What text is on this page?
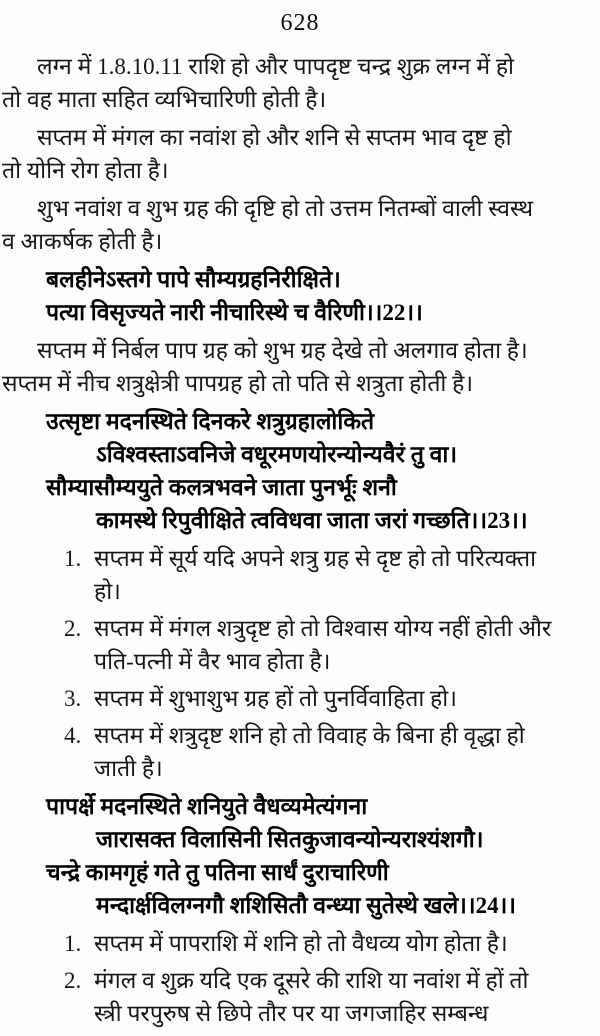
628
लग्न में 1.8.10.11 राशि हो और पापदृष्ट चन्द्र शुक्र लग्न में हो
तो वह माता सहित व्यभिचारिणी होती है।
सप्तम में मंगल का नवांश हो और शनि से सप्तम भाव दृष्ट हो
तो योनि रोग होता है।
शुभ नवांश व शुभ ग्रह की दृष्टि हो तो उत्तम नितम्बों वाली स्वस्थ
व आकर्षक होती है।
बलहीनेऽस्तगे पापे सौम्यग्रहनिरीक्षिते।
पत्या विसृज्यते नारी नीचारिस्थे च वैरिणी।।22।।
सप्तम में निर्बल पाप ग्रह को शुभ ग्रह देखे तो अलगाव होता है।
सप्तम में नीच शत्रुक्षेत्री पापग्रह हो तो पति से शत्रुता होती है।
उत्सृष्टा मदनस्थिते दिनकरे शत्रुग्रहालोकिते
ऽविश्वस्ताऽवनिजे वधूरमणयोरन्योन्यवैरं तु वा।
सौम्यासौम्ययुते कलत्रभवने जाता पुनर्भूः शनौ
कामस्थे रिपुवीक्षिते त्वविधवा जाता जरां गच्छति।।23।।
1. सप्तम में सूर्य यदि अपने शत्रु ग्रह से दृष्ट हो तो परित्यक्ता
हो।
2. सप्तम में मंगल शत्रुदृष्ट हो तो विश्वास योग्य नहीं होती और
पति-पत्नी में वैर भाव होता है।
3. सप्तम में शुभाशुभ ग्रह हों तो पुनर्विवाहिता हो।
4. सप्तम में शत्रुदृष्ट शनि हो तो विवाह के बिना ही वृद्धा हो
जाती है।
पापर्क्षे मदनस्थिते शनियुते वैधव्यमेत्यंगना
जारासक्त विलासिनी सितकुजावन्योन्यराश्यंशगौ।
चन्द्रे कामगृहं गते तु पतिना सार्धं दुराचारिणी
मन्दार्क्षविलग्नगौ शशिसितौ वन्ध्या सुतेस्थे खले।।24।।
1. सप्तम में पापराशि में शनि हो तो वैधव्य योग होता है।
2. मंगल व शुक्र यदि एक दूसरे की राशि या नवांश में हों तो
स्त्री परपुरुष से छिपे तौर पर या जगजाहिर सम्बन्ध
